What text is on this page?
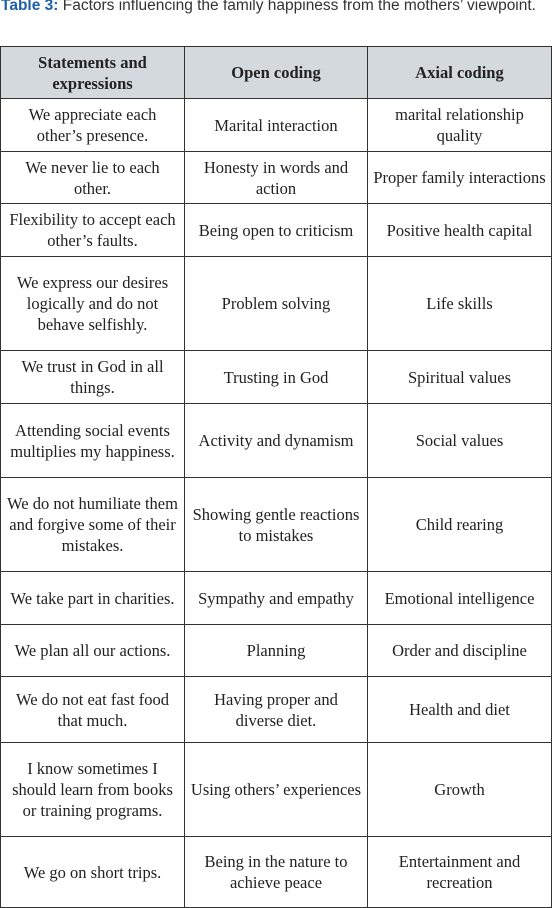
Table 3: Factors influencing the family happiness from the mothers’ viewpoint.
Statements and expressions	Open coding	Axial coding
We appreciate each other’s presence.	Marital interaction	marital relationship quality
We never lie to each other.	Honesty in words and action	Proper family interactions
Flexibility to accept each other’s faults.	Being open to criticism	Positive health capital
We express our desires logically and do not behave selfishly.	Problem solving	Life skills
We trust in God in all things.	Trusting in God	Spiritual values
Attending social events multiplies my happiness.	Activity and dynamism	Social values
We do not humiliate them and forgive some of their mistakes.	Showing gentle reactions to mistakes	Child rearing
We take part in charities.	Sympathy and empathy	Emotional intelligence
We plan all our actions.	Planning	Order and discipline
We do not eat fast food that much.	Having proper and diverse diet.	Health and diet
I know sometimes I should learn from books or training programs.	Using others’ experiences	Growth
We go on short trips.	Being in the nature to achieve peace	Entertainment and recreation
